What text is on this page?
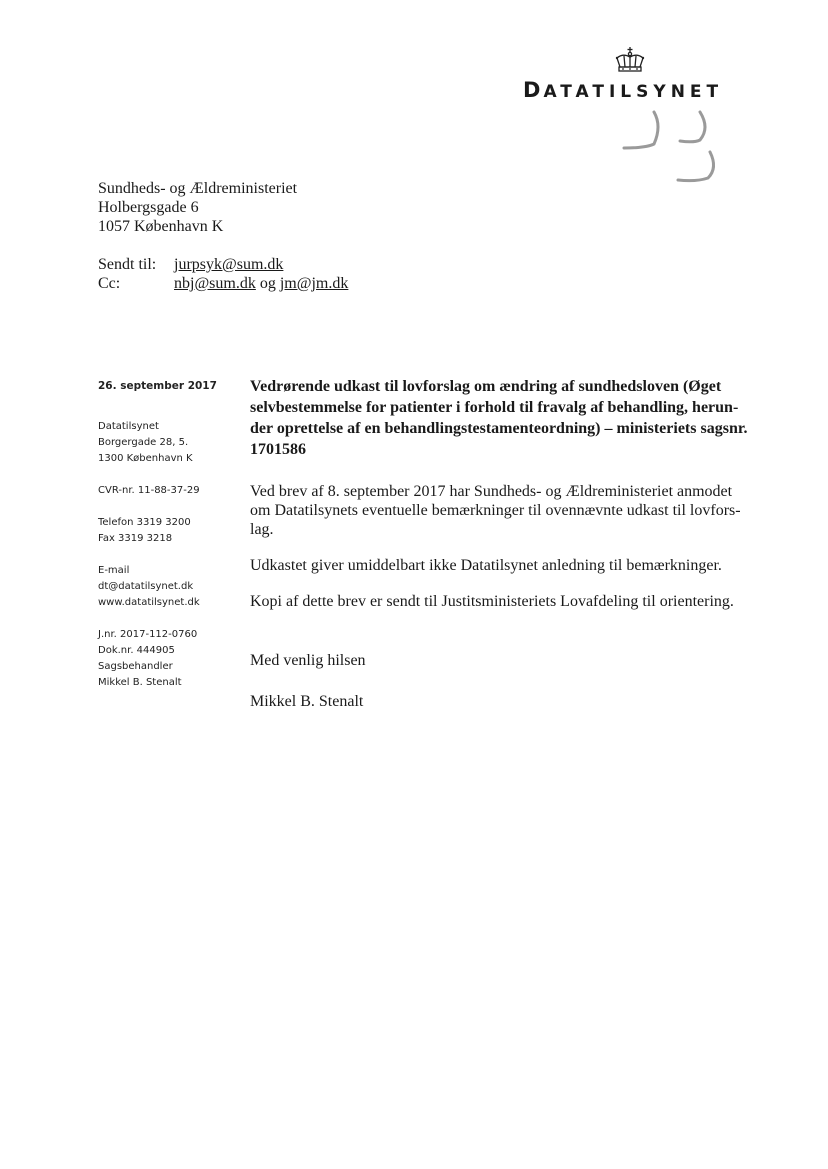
DATATILSYNET
Sundheds- og Ældreministeriet
Holbergsgade 6
1057 København K
Sendt til:	jurpsyk@sum.dk
Cc:	nbj@sum.dk
og
jm@jm.dk
26. september 2017
Datatilsynet
Borgergade 28, 5.
1300 København K
CVR-nr. 11-88-37-29
Telefon 3319 3200
Fax 3319 3218
E-mail
dt@datatilsynet.dk
www.datatilsynet.dk
J.nr. 2017-112-0760
Dok.nr. 444905
Sagsbehandler
Mikkel B. Stenalt
Vedrørende udkast til lovforslag om ændring af sundhedsloven (Øget
selvbestemmelse for patienter i forhold til fravalg af behandling, herun-
der oprettelse af en behandlingstestamenteordning) – ministeriets sagsnr.
1701586
Ved brev af 8. september 2017 har Sundheds- og Ældreministeriet anmodet
om Datatilsynets eventuelle bemærkninger til ovennævnte udkast til lovfors-
lag.
Udkastet giver umiddelbart ikke Datatilsynet anledning til bemærkninger.
Kopi af dette brev er sendt til Justitsministeriets Lovafdeling til orientering.
Med venlig hilsen
Mikkel B. Stenalt
